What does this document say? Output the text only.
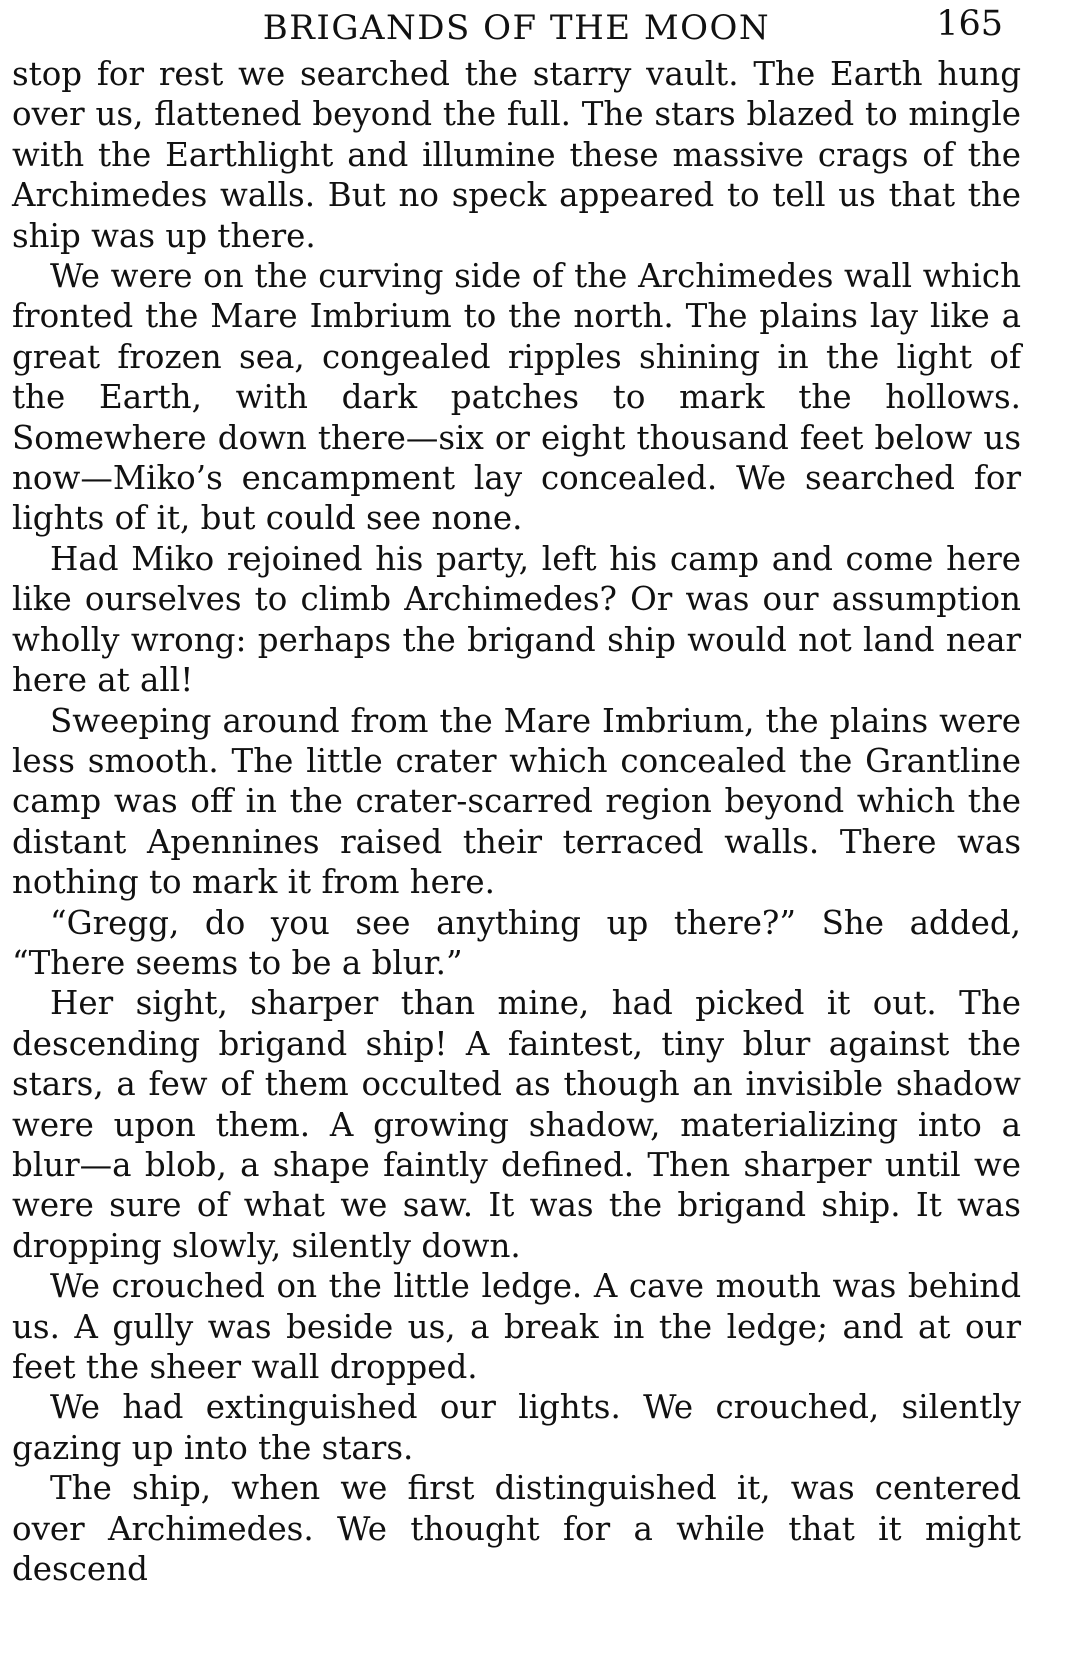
BRIGANDS OF THE MOON	165

stop for rest we searched the starry vault. The Earth hung over us, flattened beyond the full. The stars blazed to mingle with the Earthlight and illumine these massive crags of the Archimedes walls. But no speck appeared to tell us that the ship was up there.

We were on the curving side of the Archimedes wall which fronted the Mare Imbrium to the north. The plains lay like a great frozen sea, congealed ripples shining in the light of the Earth, with dark patches to mark the hollows. Somewhere down there—six or eight thousand feet below us now—Miko’s encampment lay concealed. We searched for lights of it, but could see none.

Had Miko rejoined his party, left his camp and come here like ourselves to climb Archimedes? Or was our assumption wholly wrong: perhaps the brigand ship would not land near here at all!

Sweeping around from the Mare Imbrium, the plains were less smooth. The little crater which concealed the Grantline camp was off in the crater-scarred region beyond which the distant Apennines raised their terraced walls. There was nothing to mark it from here.

“Gregg, do you see anything up there?” She added, “There seems to be a blur.”

Her sight, sharper than mine, had picked it out. The descending brigand ship! A faintest, tiny blur against the stars, a few of them occulted as though an invisible shadow were upon them. A growing shadow, materializing into a blur—a blob, a shape faintly defined. Then sharper until we were sure of what we saw. It was the brigand ship. It was dropping slowly, silently down.

We crouched on the little ledge. A cave mouth was behind us. A gully was beside us, a break in the ledge; and at our feet the sheer wall dropped.

We had extinguished our lights. We crouched, silently gazing up into the stars.

The ship, when we first distinguished it, was centered over Archimedes. We thought for a while that it might descend
